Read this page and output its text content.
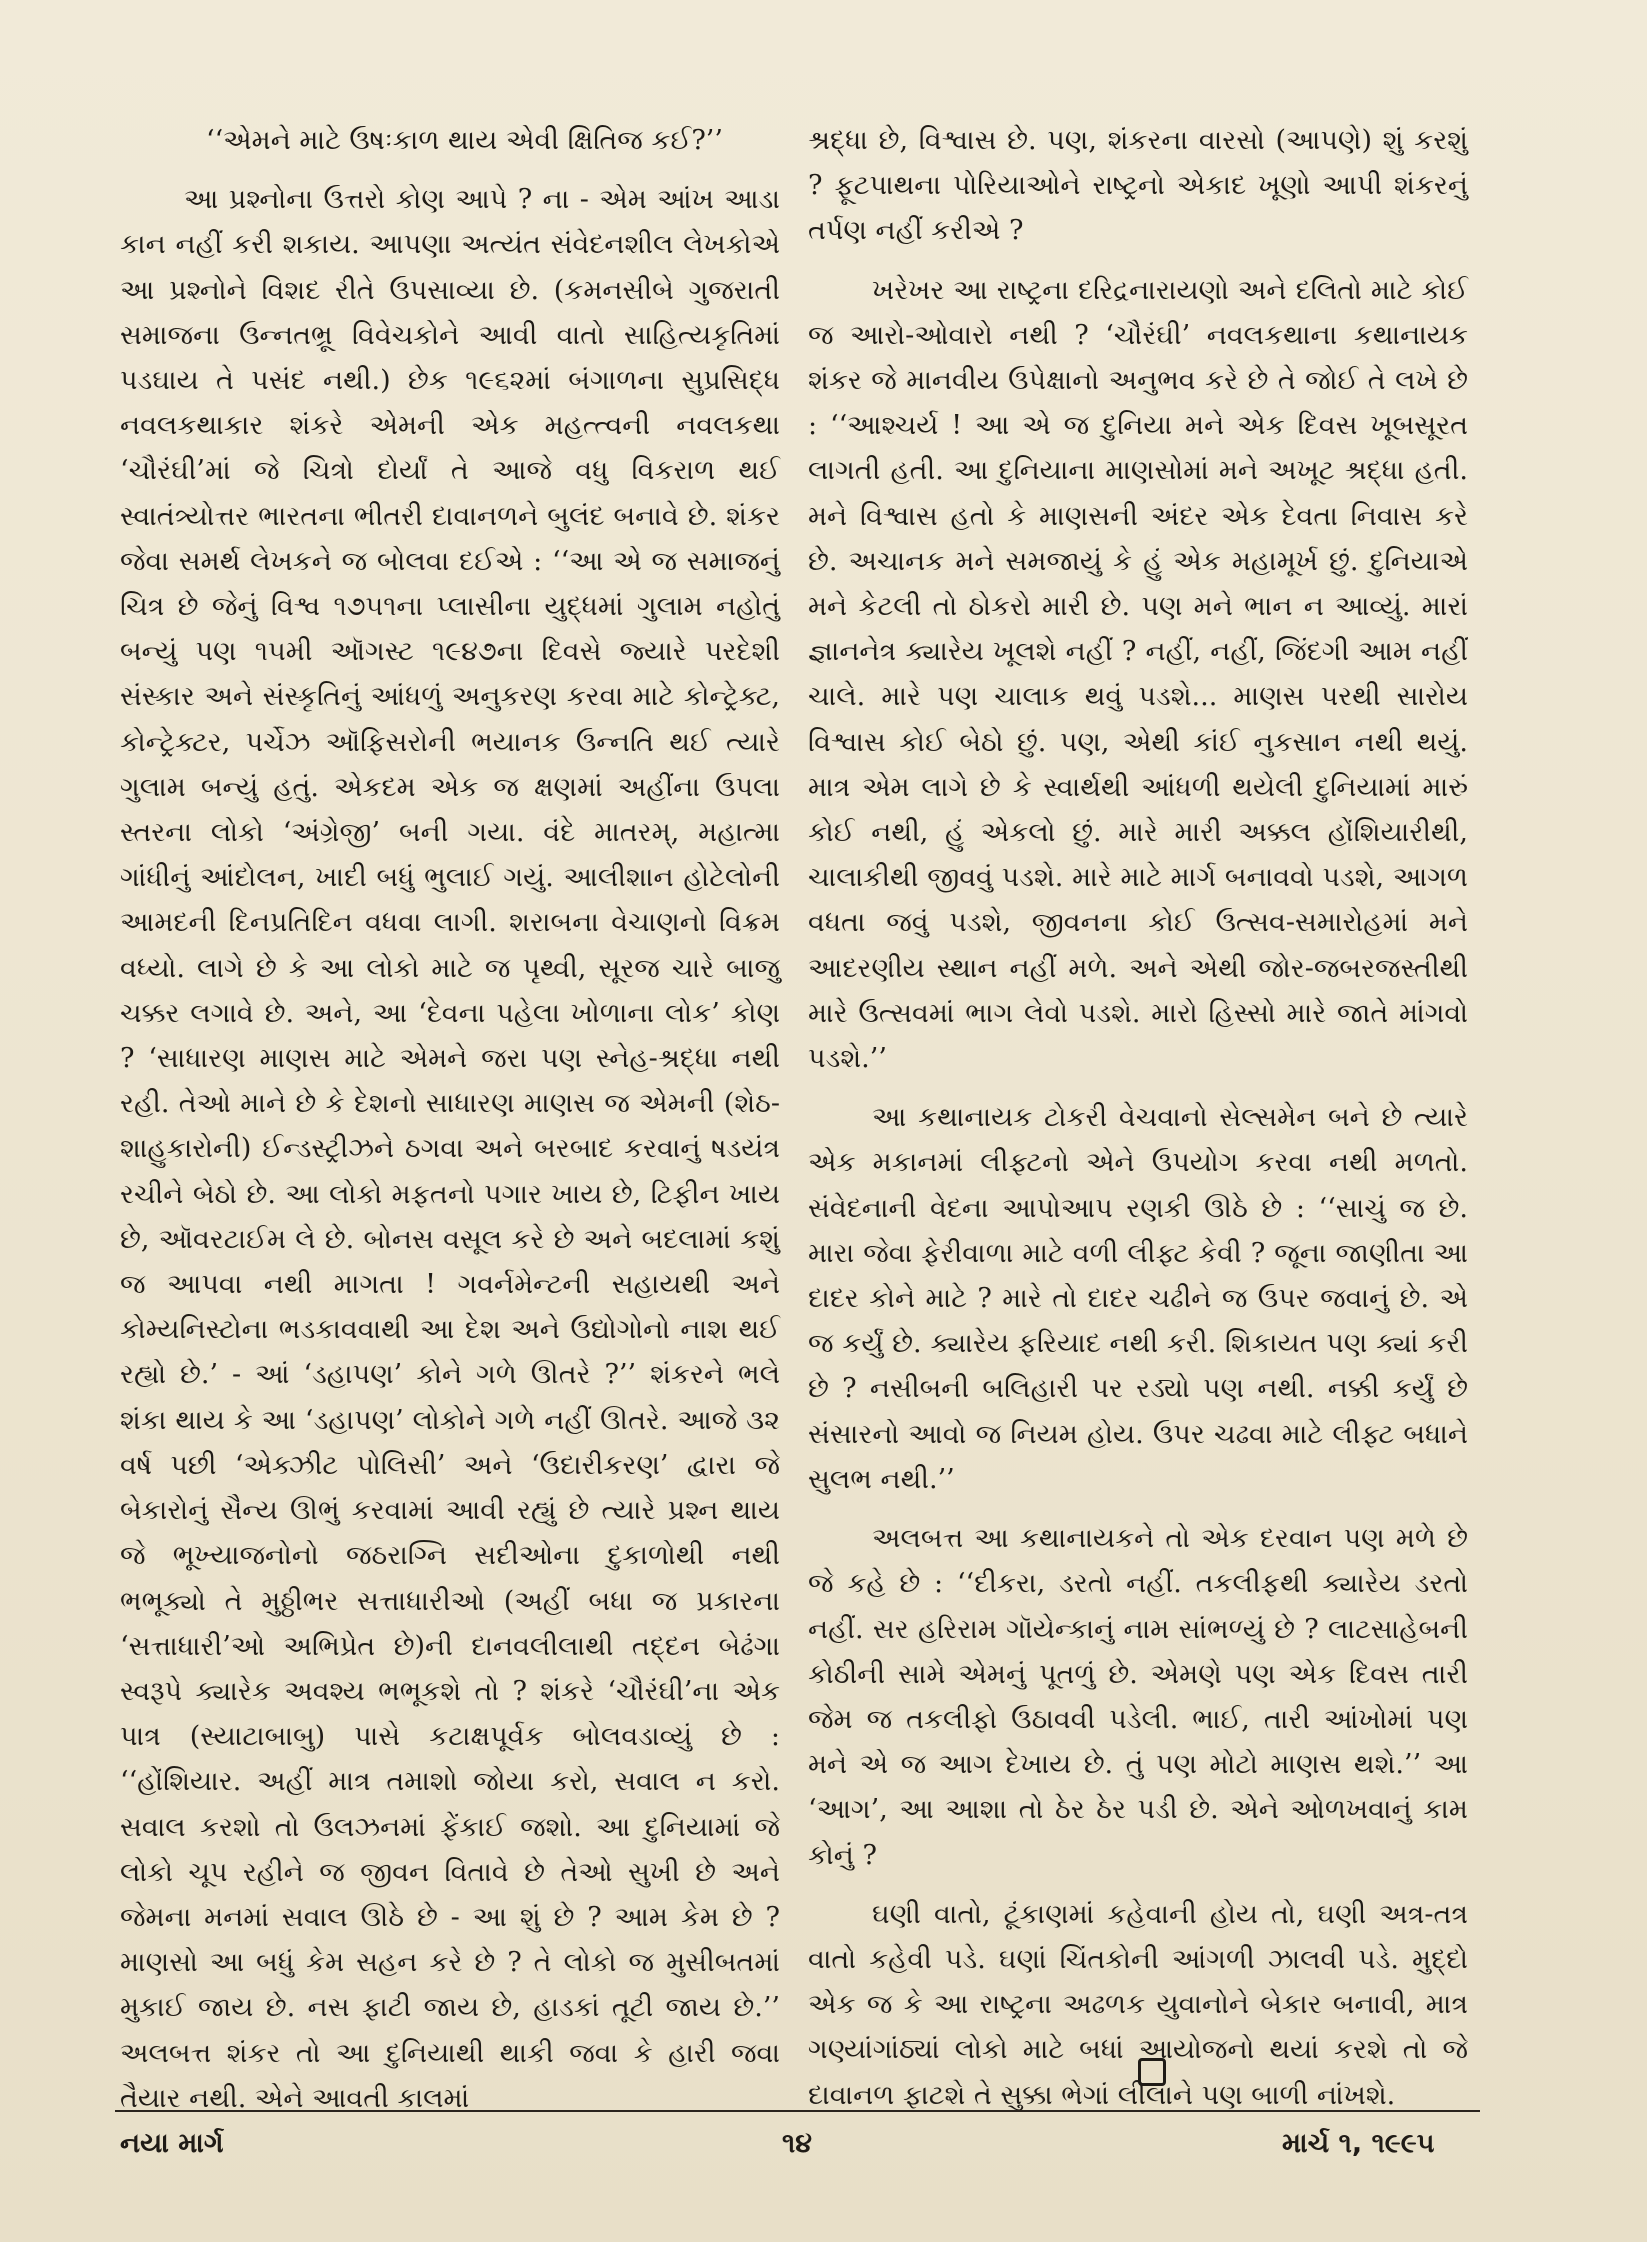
‘‘એમને માટે ઉષઃકાળ થાય એવી ક્ષિતિજ કઈ?’’

આ પ્રશ્નોના ઉત્તરો કોણ આપે ? ના - એમ આંખ આડા કાન નહીં કરી શકાય. આપણા અત્યંત સંવેદનશીલ લેખકોએ આ પ્રશ્નોને વિશદ રીતે ઉપસાવ્યા છે. (કમનસીબે ગુજરાતી સમાજના ઉન્નતભ્રૂ વિવેચકોને આવી વાતો સાહિત્યકૃતિમાં પડઘાય તે પસંદ નથી.) છેક ૧૯૬૨માં બંગાળના સુપ્રસિદ્ધ નવલકથાકાર શંકરે એમની એક મહત્ત્વની નવલકથા ‘ચૌરંઘી’માં જે ચિત્રો દોર્યાં તે આજે વધુ વિકરાળ થઈ સ્વાતંત્ર્યોત્તર ભારતના ભીતરી દાવાનળને બુલંદ બનાવે છે. શંકર જેવા સમર્થ લેખકને જ બોલવા દઈએ : ‘‘આ એ જ સમાજનું ચિત્ર છે જેનું વિશ્વ ૧૭૫૧ના પ્લાસીના યુદ્ધમાં ગુલામ નહોતું બન્યું પણ ૧૫મી ઑગસ્ટ ૧૯૪૭ના દિવસે જ્યારે પરદેશી સંસ્કાર અને સંસ્કૃતિનું આંધળું અનુકરણ કરવા માટે કોન્ટ્રેક્ટ, કોન્ટ્રેક્ટર, પર્ચેઝ ઑફિસરોની ભયાનક ઉન્નતિ થઈ ત્યારે ગુલામ બન્યું હતું. એકદમ એક જ ક્ષણમાં અહીંના ઉપલા સ્તરના લોકો ‘અંગ્રેજી’ બની ગયા. વંદે માતરમ્, મહાત્મા ગાંધીનું આંદોલન, ખાદી બધું ભુલાઈ ગયું. આલીશાન હોટેલોની આમદની દિનપ્રતિદિન વધવા લાગી. શરાબના વેચાણનો વિક્રમ વધ્યો. લાગે છે કે આ લોકો માટે જ પૃથ્વી, સૂરજ ચારે બાજુ ચક્કર લગાવે છે. અને, આ ‘દેવના પહેલા ખોળાના લોક’ કોણ ? ‘સાધારણ માણસ માટે એમને જરા પણ સ્નેહ-શ્રદ્ધા નથી રહી. તેઓ માને છે કે દેશનો સાધારણ માણસ જ એમની (શેઠ-શાહુકારોની) ઈન્ડસ્ટ્રીઝને ઠગવા અને બરબાદ કરવાનું ષડયંત્ર રચીને બેઠો છે. આ લોકો મફતનો પગાર ખાય છે, ટિફીન ખાય છે, ઑવરટાઈમ લે છે. બોનસ વસૂલ કરે છે અને બદલામાં કશું જ આપવા નથી માગતા ! ગવર્નમેન્ટની સહાયથી અને કોમ્યનિસ્ટોના ભડકાવવાથી આ દેશ અને ઉદ્યોગોનો નાશ થઈ રહ્યો છે.’ - આં ‘ડહાપણ’ કોને ગળે ઊતરે ?’’ શંકરને ભલે શંકા થાય કે આ ‘ડહાપણ’ લોકોને ગળે નહીં ઊતરે. આજે ૩૨ વર્ષ પછી ‘એક્ઝીટ પોલિસી’ અને ‘ઉદારીકરણ’ દ્વારા જે બેકારોનું સૈન્ય ઊભું કરવામાં આવી રહ્યું છે ત્યારે પ્રશ્ન થાય જે ભૂખ્યાજનોનો જઠરાગ્નિ સદીઓના દુકાળોથી નથી ભભૂક્યો તે મુઠ્ઠીભર સત્તાધારીઓ (અહીં બધા જ પ્રકારના ‘સત્તાધારી’ઓ અભિપ્રેત છે)ની દાનવલીલાથી તદ્દન બેઢંગા સ્વરૂપે ક્યારેક અવશ્ય ભભૂકશે તો ? શંકરે ‘ચૌરંઘી’ના એક પાત્ર (સ્યાટાબાબુ) પાસે કટાક્ષપૂર્વક બોલવડાવ્યું છે : ‘‘હોંશિયાર. અહીં માત્ર તમાશો જોયા કરો, સવાલ ન કરો. સવાલ કરશો તો ઉલઝનમાં ફેંકાઈ જશો. આ દુનિયામાં જે લોકો ચૂપ રહીને જ જીવન વિતાવે છે તેઓ સુખી છે અને જેમના મનમાં સવાલ ઊઠે છે - આ શું છે ? આમ કેમ છે ? માણસો આ બધું કેમ સહન કરે છે ? તે લોકો જ મુસીબતમાં મુકાઈ જાય છે. નસ ફાટી જાય છે, હાડકાં તૂટી જાય છે.’’ અલબત્ત શંકર તો આ દુનિયાથી થાકી જવા કે હારી જવા તૈયાર નથી. એને આવતી કાલમાં

શ્રદ્ધા છે, વિશ્વાસ છે. પણ, શંકરના વારસો (આપણે) શું કરશું ? ફૂટપાથના પોરિયાઓને રાષ્ટ્રનો એકાદ ખૂણો આપી શંકરનું તર્પણ નહીં કરીએ ?

ખરેખર આ રાષ્ટ્રના દરિદ્રનારાયણો અને દલિતો માટે કોઈ જ આરો-ઓવારો નથી ? ‘ચૌરંઘી’ નવલકથાના કથાનાયક શંકર જે માનવીય ઉપેક્ષાનો અનુભવ કરે છે તે જોઈ તે લખે છે : ‘‘આશ્ચર્ય ! આ એ જ દુનિયા મને એક દિવસ ખૂબસૂરત લાગતી હતી. આ દુનિયાના માણસોમાં મને અખૂટ શ્રદ્ધા હતી. મને વિશ્વાસ હતો કે માણસની અંદર એક દેવતા નિવાસ કરે છે. અચાનક મને સમજાયું કે હું એક મહામૂર્ખ છું. દુનિયાએ મને કેટલી તો ઠોકરો મારી છે. પણ મને ભાન ન આવ્યું. મારાં જ્ઞાનનેત્ર ક્યારેય ખૂલશે નહીં ? નહીં, નહીં, જિંદગી આમ નહીં ચાલે. મારે પણ ચાલાક થવું પડશે... માણસ પરથી સારોય વિશ્વાસ કોઈ બેઠો છું. પણ, એથી કાંઈ નુકસાન નથી થયું. માત્ર એમ લાગે છે કે સ્વાર્થથી આંધળી થયેલી દુનિયામાં મારું કોઈ નથી, હું એકલો છું. મારે મારી અક્કલ હોંશિયારીથી, ચાલાકીથી જીવવું પડશે. મારે માટે માર્ગ બનાવવો પડશે, આગળ વધતા જવું પડશે, જીવનના કોઈ ઉત્સવ-સમારોહમાં મને આદરણીય સ્થાન નહીં મળે. અને એથી જોર-જબરજસ્તીથી મારે ઉત્સવમાં ભાગ લેવો પડશે. મારો હિસ્સો મારે જાતે માંગવો પડશે.’’

આ કથાનાયક ટોકરી વેચવાનો સેલ્સમેન બને છે ત્યારે એક મકાનમાં લીફ્ટનો એને ઉપયોગ કરવા નથી મળતો. સંવેદનાની વેદના આપોઆપ રણકી ઊઠે છે : ‘‘સાચું જ છે. મારા જેવા ફેરીવાળા માટે વળી લીફ્ટ કેવી ? જૂના જાણીતા આ દાદર કોને માટે ? મારે તો દાદર ચઢીને જ ઉપર જવાનું છે. એ જ કર્યું છે. ક્યારેય ફરિયાદ નથી કરી. શિકાયત પણ ક્યાં કરી છે ? નસીબની બલિહારી પર રડ્યો પણ નથી. નક્કી કર્યું છે સંસારનો આવો જ નિયમ હોય. ઉપર ચઢવા માટે લીફ્ટ બધાને સુલભ નથી.’’

અલબત્ત આ કથાનાયકને તો એક દરવાન પણ મળે છે જે કહે છે : ‘‘દીકરા, ડરતો નહીં. તકલીફથી ક્યારેય ડરતો નહીં. સર હરિરામ ગૉયેન્કાનું નામ સાંભળ્યું છે ? લાટસાહેબની કોઠીની સામે એમનું પૂતળું છે. એમણે પણ એક દિવસ તારી જેમ જ તકલીફો ઉઠાવવી પડેલી. ભાઈ, તારી આંખોમાં પણ મને એ જ આગ દેખાય છે. તું પણ મોટો માણસ થશે.’’ આ ‘આગ’, આ આશા તો ઠેર ઠેર પડી છે. એને ઓળખવાનું કામ કોનું ?

ઘણી વાતો, ટૂંકાણમાં કહેવાની હોય તો, ઘણી અત્ર-તત્ર વાતો કહેવી પડે. ઘણાં ચિંતકોની આંગળી ઝાલવી પડે. મુદ્દો એક જ કે આ રાષ્ટ્રના અઢળક યુવાનોને બેકાર બનાવી, માત્ર ગણ્યાંગાંઠ્યાં લોકો માટે બધાં આયોજનો થયાં કરશે તો જે દાવાનળ ફાટશે તે સુક્કા ભેગાં લીલાને પણ બાળી નાંખશે.

નયા માર્ગ	૧૪	માર્ચ ૧, ૧૯૯૫
